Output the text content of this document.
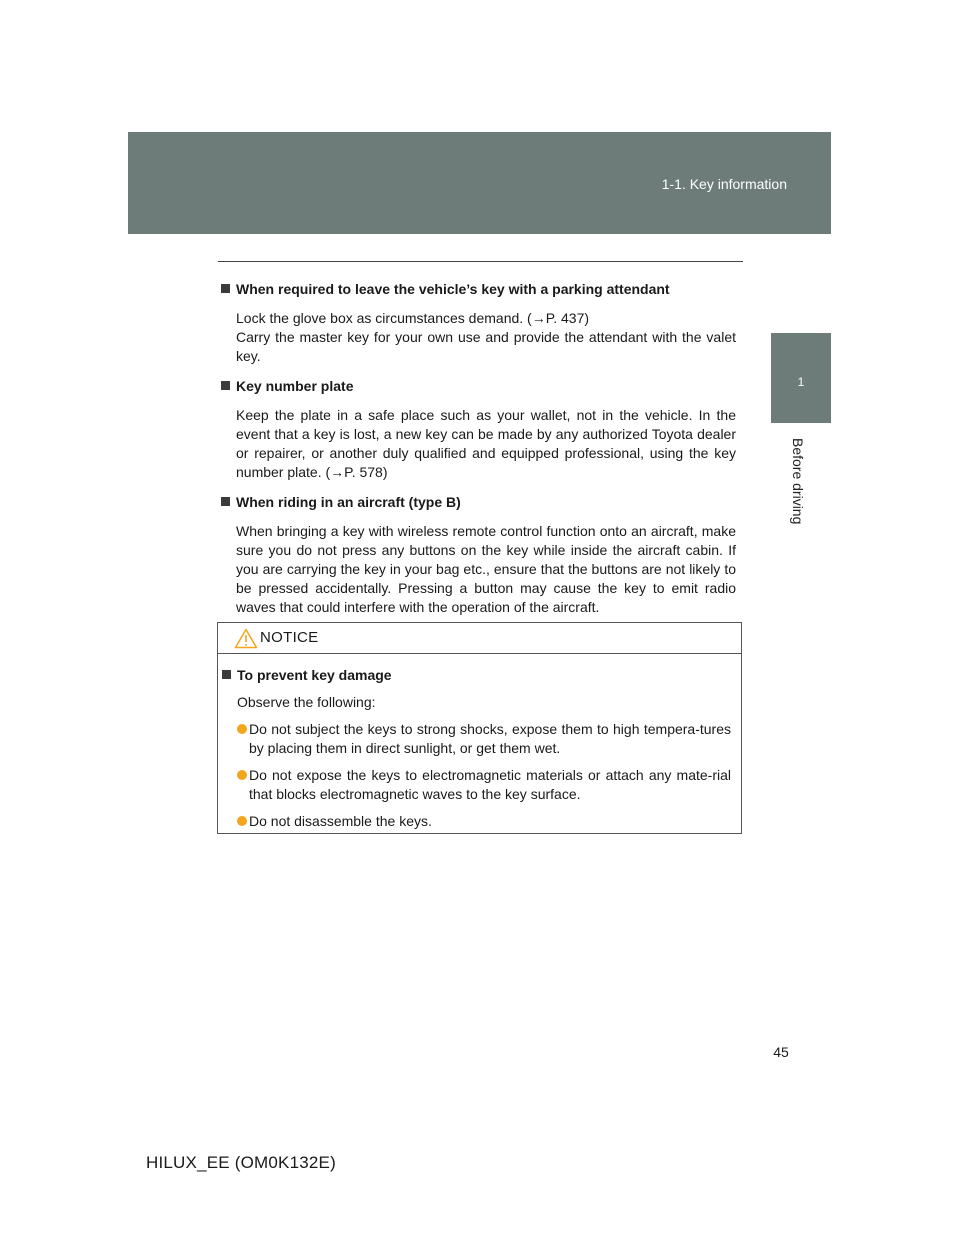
1-1. Key information
1
Before driving

When required to leave the vehicle’s key with a parking attendant

Lock the glove box as circumstances demand. (→P. 437)

Carry the master key for your own use and provide the attendant with the valet key.

Key number plate

Keep the plate in a safe place such as your wallet, not in the vehicle. In the event that a key is lost, a new key can be made by any authorized Toyota dealer or repairer, or another duly qualified and equipped professional, using the key number plate. (→P. 578)

When riding in an aircraft (type B)

When bringing a key with wireless remote control function onto an aircraft, make sure you do not press any buttons on the key while inside the aircraft cabin. If you are carrying the key in your bag etc., ensure that the buttons are not likely to be pressed accidentally. Pressing a button may cause the key to emit radio waves that could interfere with the operation of the aircraft.

NOTICE

To prevent key damage

Observe the following:

Do not subject the keys to strong shocks, expose them to high tempera-tures by placing them in direct sunlight, or get them wet.
Do not expose the keys to electromagnetic materials or attach any mate-rial that blocks electromagnetic waves to the key surface.
Do not disassemble the keys.
45
HILUX_EE (OM0K132E)
